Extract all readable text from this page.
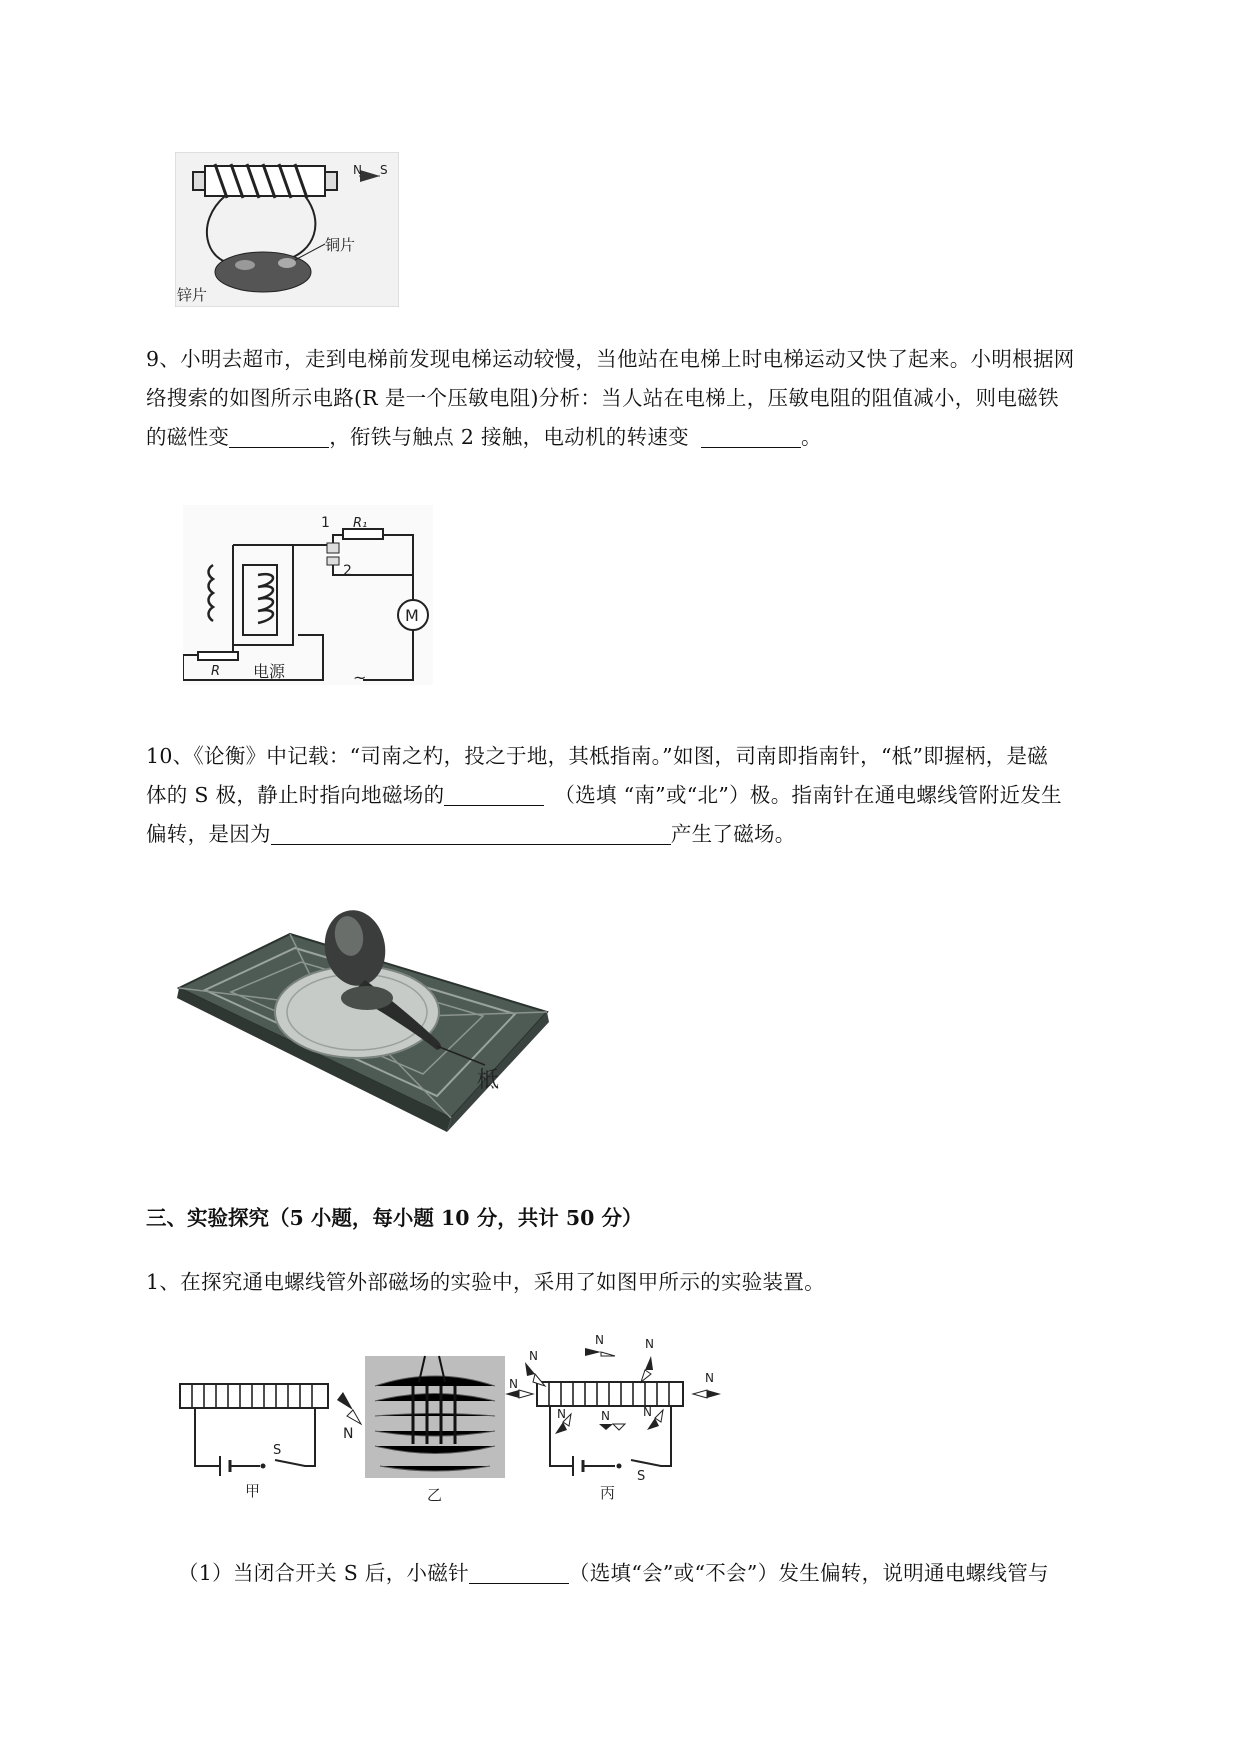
N S
铜片
锌片
9、小明去超市，走到电梯前发现电梯运动较慢，当他站在电梯上时电梯运动又快了起来。小明根据网
络搜索的如图所示电路(R 是一个压敏电阻)分析：当人站在电梯上，压敏电阻的阻值减小，则电磁铁
的磁性变	，衔铁与触点 2 接触，电动机的转速变	。
M
1
2
R₁
R 电源	~
10、《论衡》中记载：“司南之杓，投之于地，其柢指南。”如图，司南即指南针，“柢”即握柄，是磁
体的 S 极，静止时指向地磁场的	（选填 “南”或“北”）极。指南针在通电螺线管附近发生
偏转，是因为	产生了磁场。
柢
三、实验探究（5 小题，每小题 10 分，共计 50 分）
1、在探究通电螺线管外部磁场的实验中，采用了如图甲所示的实验装置。
N
S
甲	乙
N
N
N
N
N	N	N
N
S
丙
（1）当闭合开关 S 后，小磁针	（选填“会”或“不会”）发生偏转，说明通电螺线管与
